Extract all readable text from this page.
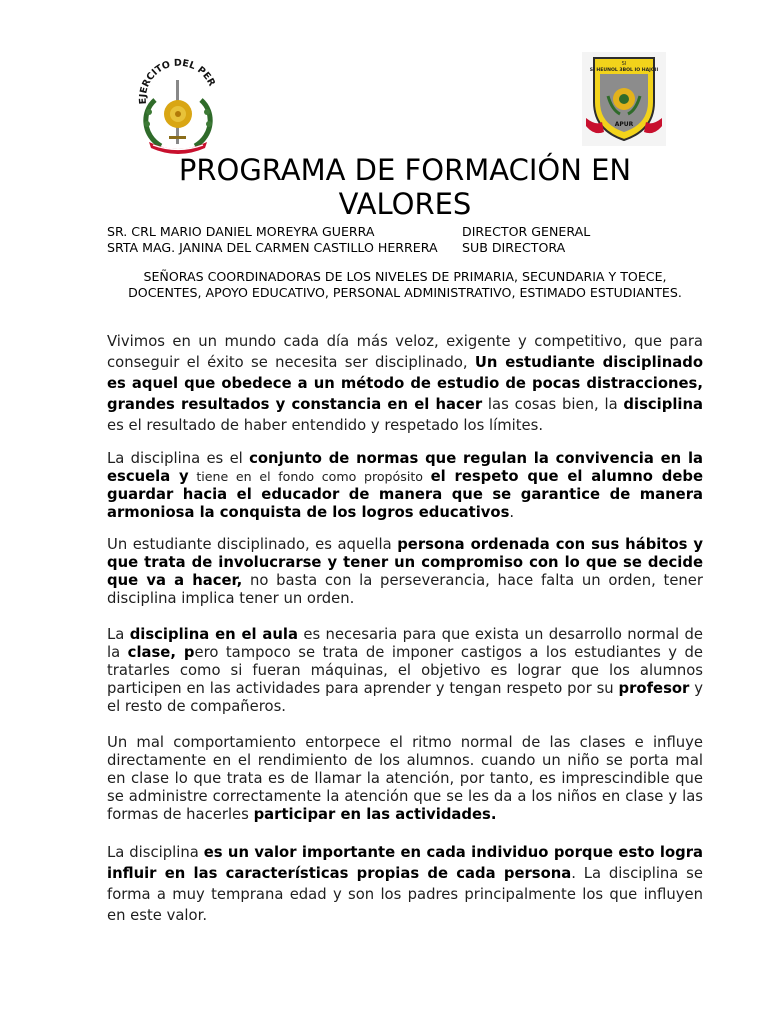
EJERCITO DEL PER
SI
SI HEUNOL 3BOL IO HAJOII
APUR
PROGRAMA DE FORMACIÓN EN
VALORES
SR. CRL MARIO DANIEL MOREYRA GUERRA	DIRECTOR GENERAL
SRTA MAG. JANINA DEL CARMEN CASTILLO HERRERA SUB DIRECTORA
SEÑORAS COORDINADORAS DE LOS NIVELES DE PRIMARIA, SECUNDARIA Y TOECE,
DOCENTES, APOYO EDUCATIVO, PERSONAL ADMINISTRATIVO, ESTIMADO ESTUDIANTES.
Vivimos en un mundo cada día más veloz, exigente y competitivo, que para conseguir el éxito se necesita ser disciplinado, Un estudiante disciplinado es aquel que obedece a un método de estudio de pocas distracciones, grandes resultados y constancia en el hacer las cosas bien, la disciplina es el resultado de haber entendido y respetado los límites.
La disciplina es el conjunto de normas que regulan la convivencia en la escuela y tiene en el fondo como propósito el respeto que el alumno debe guardar hacia el educador de manera que se garantice de manera armoniosa la conquista de los logros educativos.
Un estudiante disciplinado, es aquella persona ordenada con sus hábitos y que trata de involucrarse y tener un compromiso con lo que se decide que va a hacer, no basta con la perseverancia, hace falta un orden, tener disciplina implica tener un orden.
La disciplina en el aula es necesaria para que exista un desarrollo normal de la clase, pero tampoco se trata de imponer castigos a los estudiantes y de tratarles como si fueran máquinas, el objetivo es lograr que los alumnos participen en las actividades para aprender y tengan respeto por su profesor y el resto de compañeros.
Un mal comportamiento entorpece el ritmo normal de las clases e influye directamente en el rendimiento de los alumnos. cuando un niño se porta mal en clase lo que trata es de llamar la atención, por tanto, es imprescindible que se administre correctamente la atención que se les da a los niños en clase y las formas de hacerles participar en las actividades.
La disciplina es un valor importante en cada individuo porque esto logra influir en las características propias de cada persona. La disciplina se forma a muy temprana edad y son los padres principalmente los que influyen en este valor.
